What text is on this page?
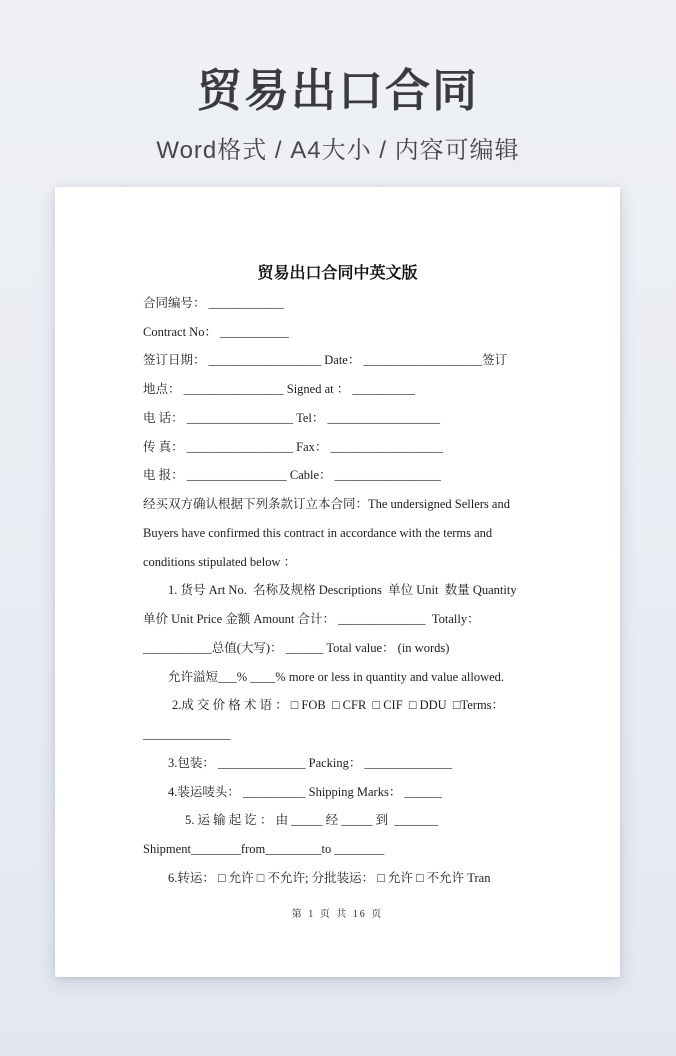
贸易出口合同
Word格式 / A4大小 / 内容可编辑
贸易出口合同中英文版
合同编号： ____________
Contract No： ___________
签订日期： __________________ Date： ___________________签订
地点： ________________ Signed at ： __________
电 话： _________________ Tel： __________________
传 真： _________________ Fax： __________________
电 报： ________________ Cable： _________________
经买双方确认根据下列条款订立本合同：The undersigned Sellers and
Buyers have confirmed this contract in accordance with the terms and
conditions stipulated below ：
1. 货号 Art No.  名称及规格 Descriptions  单位 Unit  数量 Quantity
单价 Unit Price 金额 Amount 合计： ______________  Totally：
___________总值(大写)： ______ Total value： (in words)
允许溢短___% ____% more or less in quantity and value allowed.
2.成 交 价 格 术 语 ： □ FOB  □ CFR  □ CIF  □ DDU  □Terms：
______________
3.包装： ______________ Packing： ______________
4.装运唛头： __________ Shipping Marks： ______
5. 运 输 起 讫 ： 由 _____ 经 _____ 到  _______
Shipment________from_________to ________
6.转运： □ 允许 □ 不允许; 分批装运： □ 允许 □ 不允许 Tran
第 1 页 共 16 页
